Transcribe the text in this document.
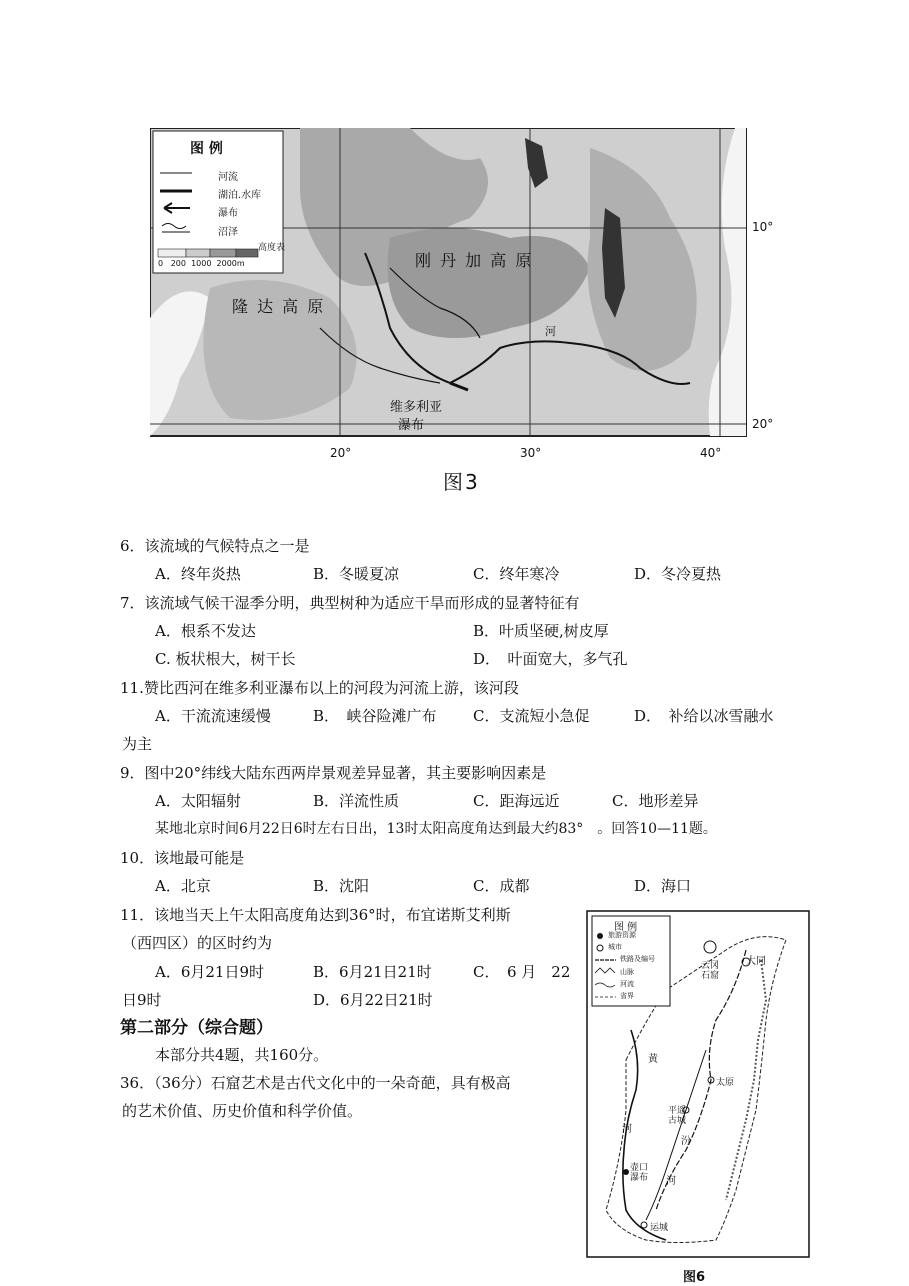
图 例
河流
湖泊.水库
瀑布
沼泽
高度表
0   200  1000  2000m	刚 丹 加 高 原
隆 达 高 原
维多利亚
瀑布
河
10°
20°
20°	30°	40°
图3
6．该流域的气候特点之一是
A．终年炎热	B．冬暖夏凉	C．终年寒冷	D．冬冷夏热
7．该流域气候干湿季分明，典型树种为适应干旱而形成的显著特征有
A．根系不发达	B．叶质坚硬,树皮厚
C. 板状根大，树干长	D．　叶面宽大，多气孔
11.赞比西河在维多利亚瀑布以上的河段为河流上游，该河段
A．干流流速缓慢	B．　峡谷险滩广布 C．支流短小急促	D．　补给以冰雪融水
为主
9．图中20°纬线大陆东西两岸景观差异显著，其主要影响因素是
A．太阳辐射	B．洋流性质	C．距海远近	C．地形差异
某地北京时间6月22日6时左右日出，13时太阳高度角达到最大约83°　。回答10—11题。
10．该地最可能是
A．北京	B．沈阳	C．成都	D．海口
11．该地当天上午太阳高度角达到36°时，布宜诺斯艾利斯
（西四区）的区时约为
A．6月21日9时	B．6月21日21时	C．　6 月　22
日9时	D．6月22日21时
第二部分（综合题）
本部分共4题，共160分。
36．（36分）石窟艺术是古代文化中的一朵奇葩，具有极高
的艺术价值、历史价值和科学价值。
图 例
旅游资源
城市
铁路及编号
山脉
河流
省界
云冈
石窟
大同
太原
平遥
古城
壶口
瀑布
运城
黄
河
汾
河
图6
